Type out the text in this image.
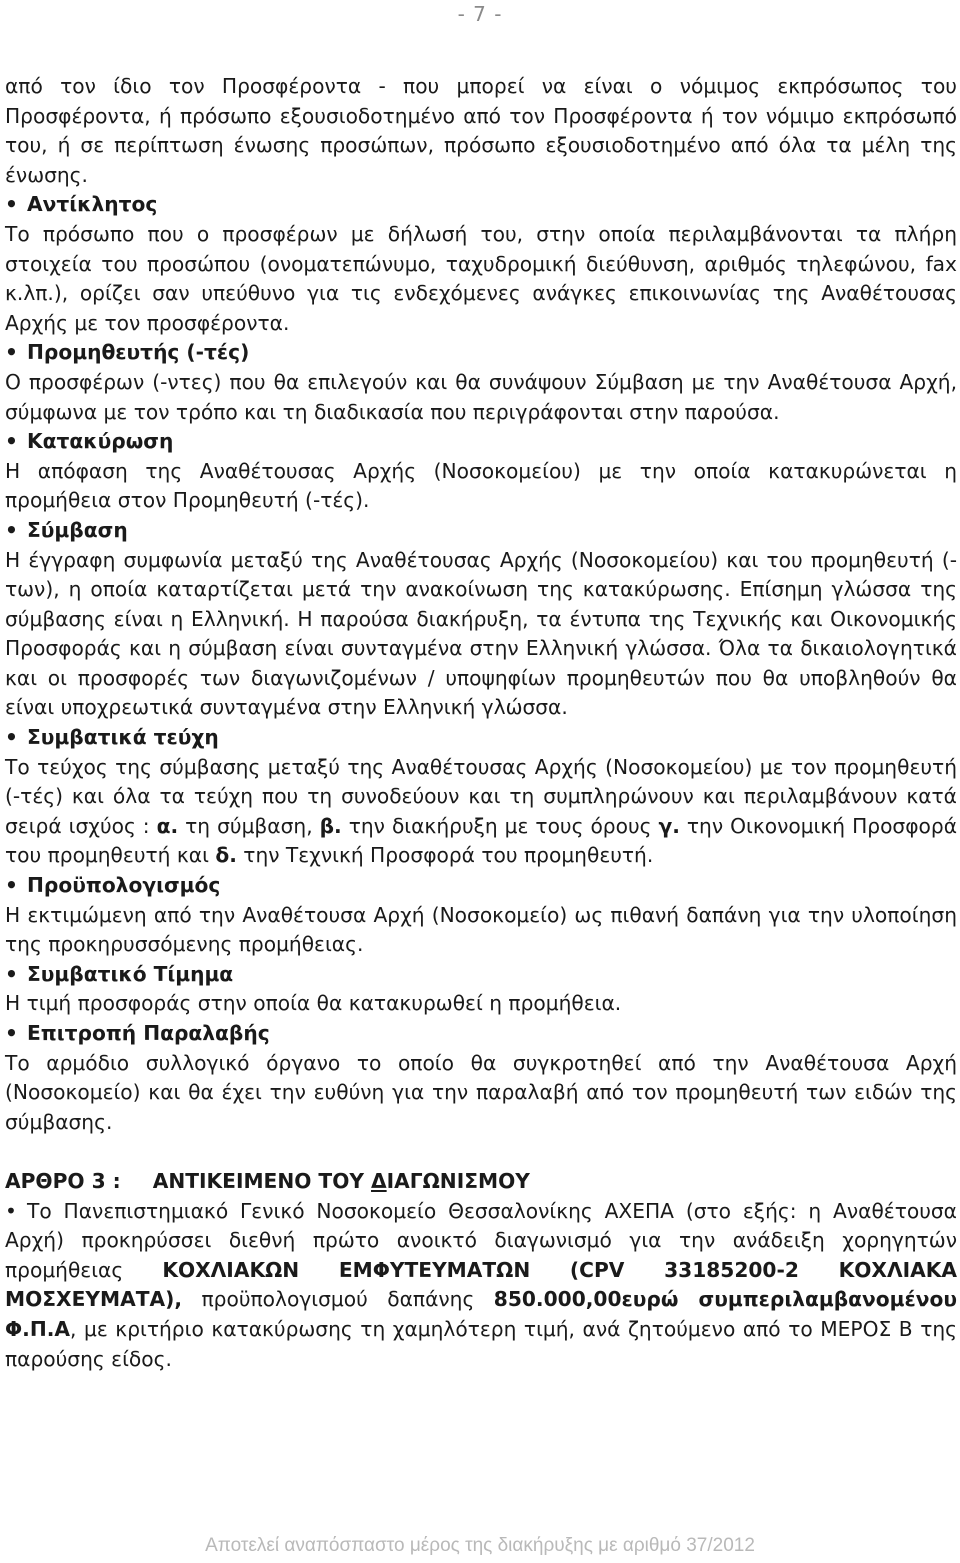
- 7 -

από τον ίδιο τον Προσφέροντα - που μπορεί να είναι ο νόμιμος εκπρόσωπος του Προσφέροντα, ή πρόσωπο εξουσιοδοτημένο από τον Προσφέροντα ή τον νόμιμο εκπρόσωπό του, ή σε περίπτωση ένωσης προσώπων, πρόσωπο εξουσιοδοτημένο από όλα τα μέλη της ένωσης.

• Αντίκλητος

Το πρόσωπο που ο προσφέρων με δήλωσή του, στην οποία περιλαμβάνονται τα πλήρη στοιχεία του προσώπου (ονοματεπώνυμο, ταχυδρομική διεύθυνση, αριθμός τηλεφώνου, fax κ.λπ.), ορίζει σαν υπεύθυνο για τις ενδεχόμενες ανάγκες επικοινωνίας της Αναθέτουσας Αρχής με τον προσφέροντα.

• Προμηθευτής (-τές)

Ο προσφέρων (-ντες) που θα επιλεγούν και θα συνάψουν Σύμβαση με την Αναθέτουσα Αρχή, σύμφωνα με τον τρόπο και τη διαδικασία που περιγράφονται στην παρούσα.

• Κατακύρωση

Η απόφαση της Αναθέτουσας Αρχής (Νοσοκομείου) με την οποία κατακυρώνεται η προμήθεια στον Προμηθευτή (-τές).

• Σύμβαση

Η έγγραφη συμφωνία μεταξύ της Αναθέτουσας Αρχής (Νοσοκομείου) και του προμηθευτή (-των), η οποία καταρτίζεται μετά την ανακοίνωση της κατακύρωσης. Επίσημη γλώσσα της σύμβασης είναι η Ελληνική. Η παρούσα διακήρυξη, τα έντυπα της Τεχνικής και Οικονομικής Προσφοράς και η σύμβαση είναι συνταγμένα στην Ελληνική γλώσσα. Όλα τα δικαιολογητικά και οι προσφορές των διαγωνιζομένων / υποψηφίων προμηθευτών που θα υποβληθούν θα είναι υποχρεωτικά συνταγμένα στην Ελληνική γλώσσα.

• Συμβατικά τεύχη

Το τεύχος της σύμβασης μεταξύ της Αναθέτουσας Αρχής (Νοσοκομείου) με τον προμηθευτή (-τές) και όλα τα τεύχη που τη συνοδεύουν και τη συμπληρώνουν και περιλαμβάνουν κατά σειρά ισχύος : α. τη σύμβαση, β. την διακήρυξη με τους όρους γ. την Οικονομική Προσφορά του προμηθευτή και δ. την Τεχνική Προσφορά του προμηθευτή.

• Προϋπολογισμός

Η εκτιμώμενη από την Αναθέτουσα Αρχή (Νοσοκομείο) ως πιθανή δαπάνη για την υλοποίηση της προκηρυσσόμενης προμήθειας.

• Συμβατικό Τίμημα

Η τιμή προσφοράς στην οποία θα κατακυρωθεί η προμήθεια.

• Επιτροπή Παραλαβής

Το αρμόδιο συλλογικό όργανο το οποίο θα συγκροτηθεί από την Αναθέτουσα Αρχή (Νοσοκομείο) και θα έχει την ευθύνη για την παραλαβή από τον προμηθευτή των ειδών της σύμβασης.

ΑΡΘΡΟ 3 : ΑΝΤΙΚΕΙΜΕΝΟ ΤΟΥ ΔΙΑΓΩΝΙΣΜΟΥ

• Το Πανεπιστημιακό Γενικό Νοσοκομείο Θεσσαλονίκης ΑΧΕΠΑ (στο εξής: η Αναθέτουσα Αρχή) προκηρύσσει διεθνή πρώτο ανοικτό διαγωνισμό για την ανάδειξη χορηγητών προμήθειας ΚΟΧΛΙΑΚΩΝ ΕΜΦΥΤΕΥΜΑΤΩΝ (CPV 33185200-2 ΚΟΧΛΙΑΚΑ ΜΟΣΧΕΥΜΑΤΑ), προϋπολογισμού δαπάνης 850.000,00ευρώ συμπεριλαμβανομένου Φ.Π.Α, με κριτήριο κατακύρωσης τη χαμηλότερη τιμή, ανά ζητούμενο από το ΜΕΡΟΣ Β της παρούσης είδος.

Αποτελεί αναπόσπαστο μέρος της διακήρυξης με αριθμό 37/2012
